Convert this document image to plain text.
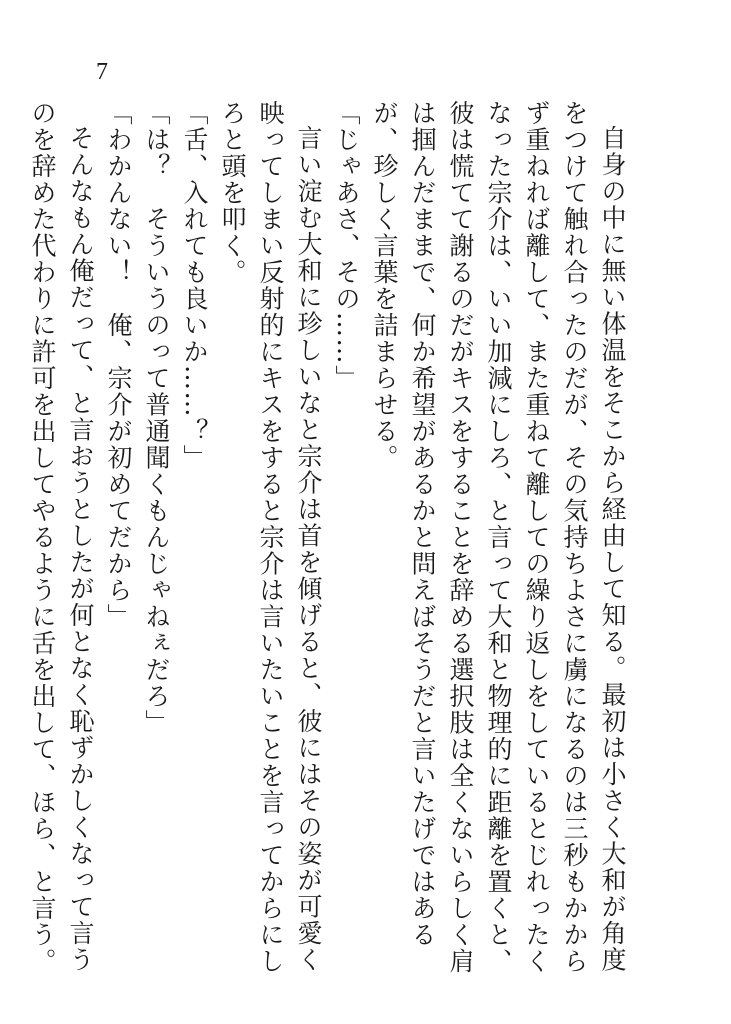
7

自身の中に無い体温をそこから経由して知る。最初は小さく大和が角度をつけて触れ合ったのだが、その気持ちよさに虜になるのは三秒もかからず重ねれば離して、また重ねて離しての繰り返しをしているとじれったくなった宗介は、いい加減にしろ、と言って大和と物理的に距離を置くと、彼は慌てて謝るのだがキスをすることを辞める選択肢は全くないらしく肩は掴んだままで、何か希望があるかと問えばそうだと言いたげではあるが、珍しく言葉を詰まらせる。

「じゃあさ、その……」

言い淀む大和に珍しいなと宗介は首を傾げると、彼にはその姿が可愛く映ってしまい反射的にキスをすると宗介は言いたいことを言ってからにしろと頭を叩く。

「舌、入れても良いか……？」

「は？　そういうのって普通聞くもんじゃねぇだろ」

「わかんない！　俺、宗介が初めてだから」

そんなもん俺だって、と言おうとしたが何となく恥ずかしくなって言うのを辞めた代わりに許可を出してやるように舌を出して、ほら、と言う。
